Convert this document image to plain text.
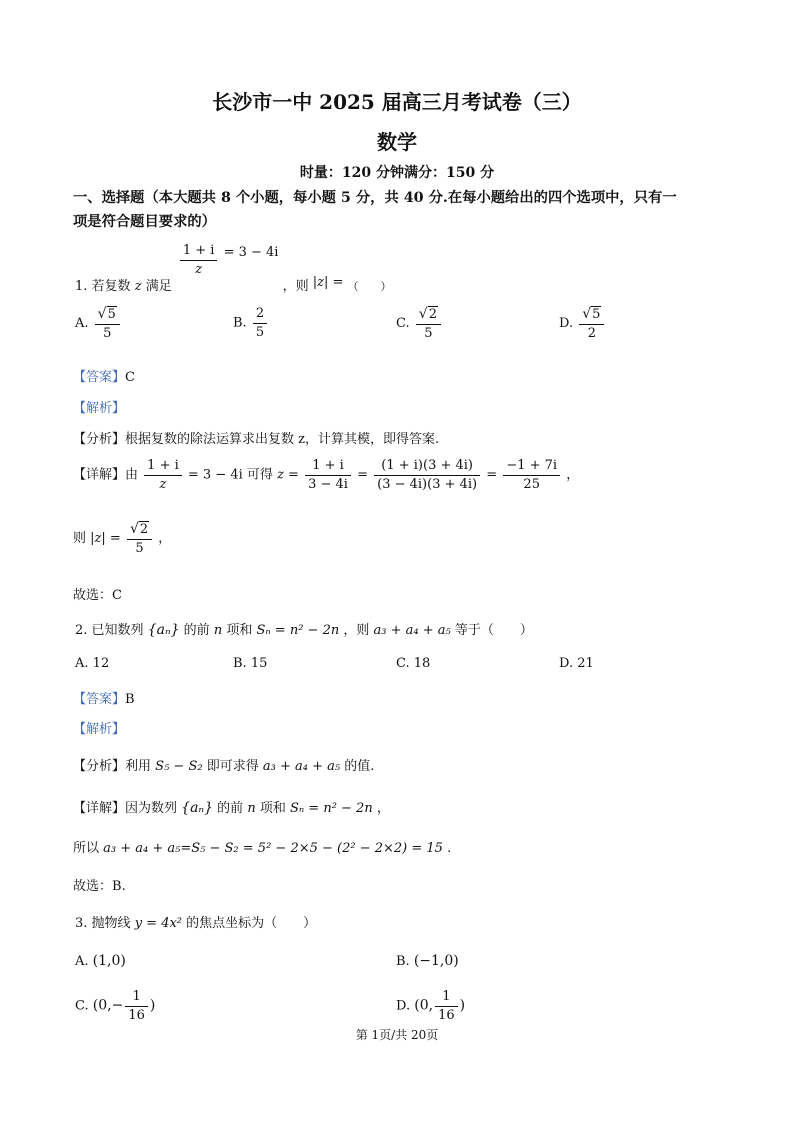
长沙市一中 2025 届高三月考试卷（三）
数学
时量：120 分钟满分：150 分
一、选择题（本大题共 8 个小题，每小题 5 分，共 40 分.在每小题给出的四个选项中，只有一
项是符合题目要求的）
1. 若复数 z 满足
$\frac{1 + i}{z} = 3 - 4i$ ，则 |z| = $_{( )}$
A. $\frac{√5}{5}$	B. $\frac{2}{5}$	C. $\frac{√2}{5}$	D. $\frac{√5}{2}$
【答案】C
【解析】
【分析】根据复数的除法运算求出复数 z，计算其模，即得答案.
【详解】由 $\frac{1 + i}{z} = 3 - 4i$ 可得 $z = \frac{1 + i}{3 - 4i} = \frac{(1 + i)(3 + 4i)}{(3 - 4i)(3 + 4i)} = \frac{-1 + 7i}{25}$ ，
则 $|z| = \frac{√2}{5}$ ，
故选：C
2. 已知数列 {aₙ} 的前 n 项和 Sₙ = n² − 2n ，则 a₃ + a₄ + a₅ 等于（　　）
A. 12	B. 15	C. 18	D. 21
【答案】B
【解析】
【分析】利用 S₅ − S₂ 即可求得 a₃ + a₄ + a₅ 的值.
【详解】因为数列 {aₙ} 的前 n 项和 Sₙ = n² − 2n ，
所以 a₃ + a₄ + a₅=S₅ − S₂ = 5² − 2×5 − (2² − 2×2) = 15 .
故选：B.
3. 抛物线 y = 4x² 的焦点坐标为（　　）
A. (1,0)	B. (−1,0)
C. ($0,- \frac{1}{16}$ )	D. (0, $\frac{1}{16}$ )
第 1页/共 20页
